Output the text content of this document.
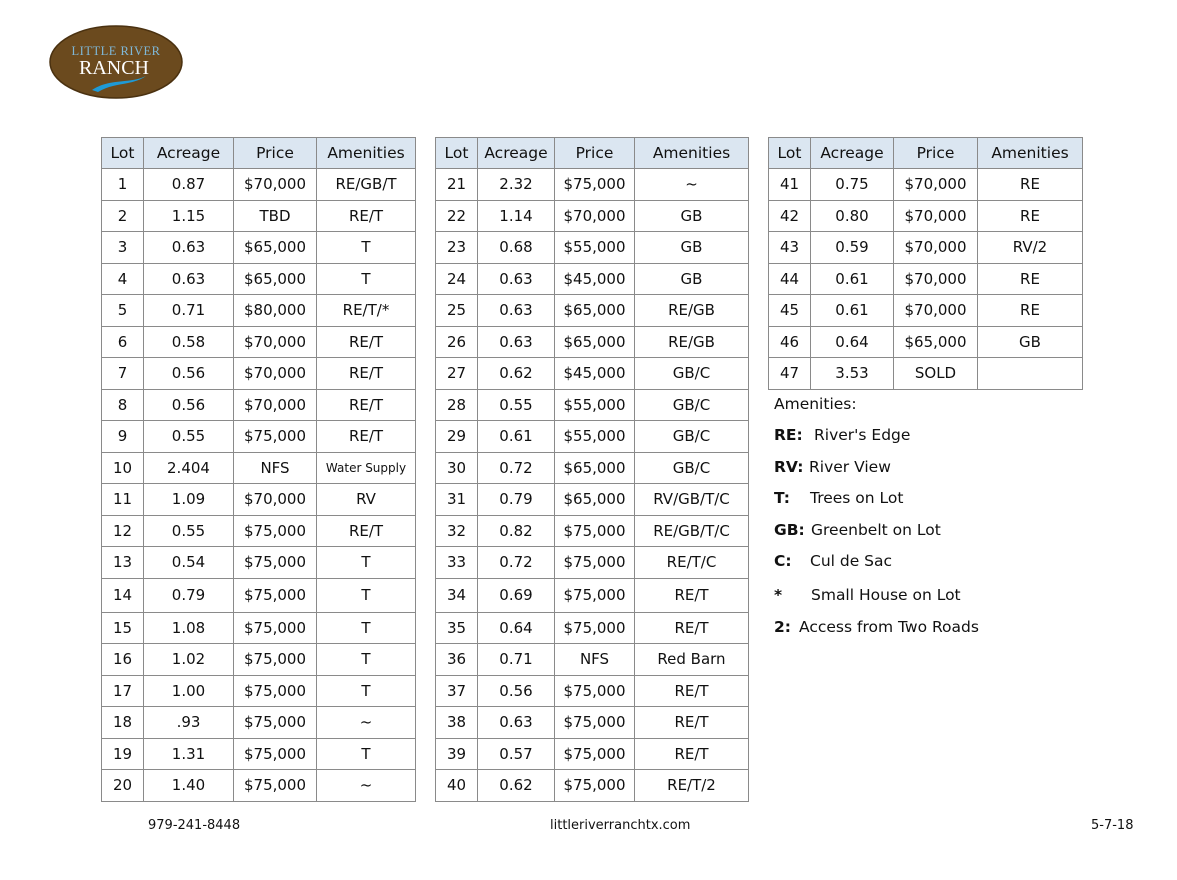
LITTLE RIVER
RANCH
Lot	Acreage	Price	Amenities
1	0.87	$70,000	RE/GB/T
2	1.15	TBD	RE/T
3	0.63	$65,000	T
4	0.63	$65,000	T
5	0.71	$80,000	RE/T/*
6	0.58	$70,000	RE/T
7	0.56	$70,000	RE/T
8	0.56	$70,000	RE/T
9	0.55	$75,000	RE/T
10	2.404	NFS	Water Supply
11	1.09	$70,000	RV
12	0.55	$75,000	RE/T
13	0.54	$75,000	T
14	0.79	$75,000	T
15	1.08	$75,000	T
16	1.02	$75,000	T
17	1.00	$75,000	T
18	.93	$75,000	~
19	1.31	$75,000	T
20	1.40	$75,000	~
Lot	Acreage	Price	Amenities
21	2.32	$75,000	~
22	1.14	$70,000	GB
23	0.68	$55,000	GB
24	0.63	$45,000	GB
25	0.63	$65,000	RE/GB
26	0.63	$65,000	RE/GB
27	0.62	$45,000	GB/C
28	0.55	$55,000	GB/C
29	0.61	$55,000	GB/C
30	0.72	$65,000	GB/C
31	0.79	$65,000	RV/GB/T/C
32	0.82	$75,000	RE/GB/T/C
33	0.72	$75,000	RE/T/C
34	0.69	$75,000	RE/T
35	0.64	$75,000	RE/T
36	0.71	NFS	Red Barn
37	0.56	$75,000	RE/T
38	0.63	$75,000	RE/T
39	0.57	$75,000	RE/T
40	0.62	$75,000	RE/T/2
Lot	Acreage	Price	Amenities
41	0.75	$70,000	RE
42	0.80	$70,000	RE
43	0.59	$70,000	RV/2
44	0.61	$70,000	RE
45	0.61	$70,000	RE
46	0.64	$65,000	GB
47	3.53	SOLD	
Amenities:
RE: River's Edge
RV: River View
T: Trees on Lot
GB: Greenbelt on Lot
C: Cul de Sac
* Small House on Lot
2: Access from Two Roads
979-241-8448	littleriverranchtx.com	5-7-18
